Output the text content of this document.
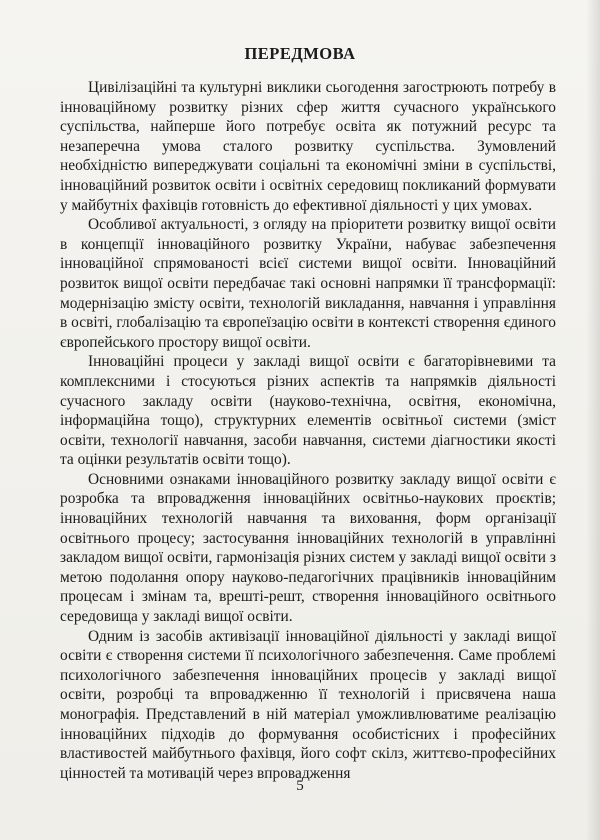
ПЕРЕДМОВА

Цивілізаційні та культурні виклики сьогодення загострюють потребу в інноваційному розвитку різних сфер життя сучасного українського суспільства, найперше його потребує освіта як потужний ресурс та незаперечна умова сталого розвитку суспільства. Зумовлений необхідністю випереджувати соціальні та економічні зміни в суспільстві, інноваційний розвиток освіти і освітніх середовищ покликаний формувати у майбутніх фахівців готовність до ефективної діяльності у цих умовах.

Особливої актуальності, з огляду на пріоритети розвитку вищої освіти в концепції інноваційного розвитку України, набуває забезпечення інноваційної спрямованості всієї системи вищої освіти. Інноваційний розвиток вищої освіти передбачає такі основні напрямки її трансформації: модернізацію змісту освіти, технологій викладання, навчання і управління в освіті, глобалізацію та європеїзацію освіти в контексті створення єдиного європейського простору вищої освіти.

Інноваційні процеси у закладі вищої освіти є багаторівневими та комплексними і стосуються різних аспектів та напрямків діяльності сучасного закладу освіти (науково-технічна, освітня, економічна, інформаційна тощо), структурних елементів освітньої системи (зміст освіти, технології навчання, засоби навчання, системи діагностики якості та оцінки результатів освіти тощо).

Основними ознаками інноваційного розвитку закладу вищої освіти є розробка та впровадження інноваційних освітньо-наукових проєктів; інноваційних технологій навчання та виховання, форм організації освітнього процесу; застосування інноваційних технологій в управлінні закладом вищої освіти, гармонізація різних систем у закладі вищої освіти з метою подолання опору науково-педагогічних працівників інноваційним процесам і змінам та, врешті-решт, створення інноваційного освітнього середовища у закладі вищої освіти.

Одним із засобів активізації інноваційної діяльності у закладі вищої освіти є створення системи її психологічного забезпечення. Саме проблемі психологічного забезпечення інноваційних процесів у закладі вищої освіти, розробці та впровадженню її технологій і присвячена наша монографія. Представлений в ній матеріал уможливлюватиме реалізацію інноваційних підходів до формування особистісних і професійних властивостей майбутнього фахівця, його софт скілз, життєво-професійних цінностей та мотивацій через впровадження

5
